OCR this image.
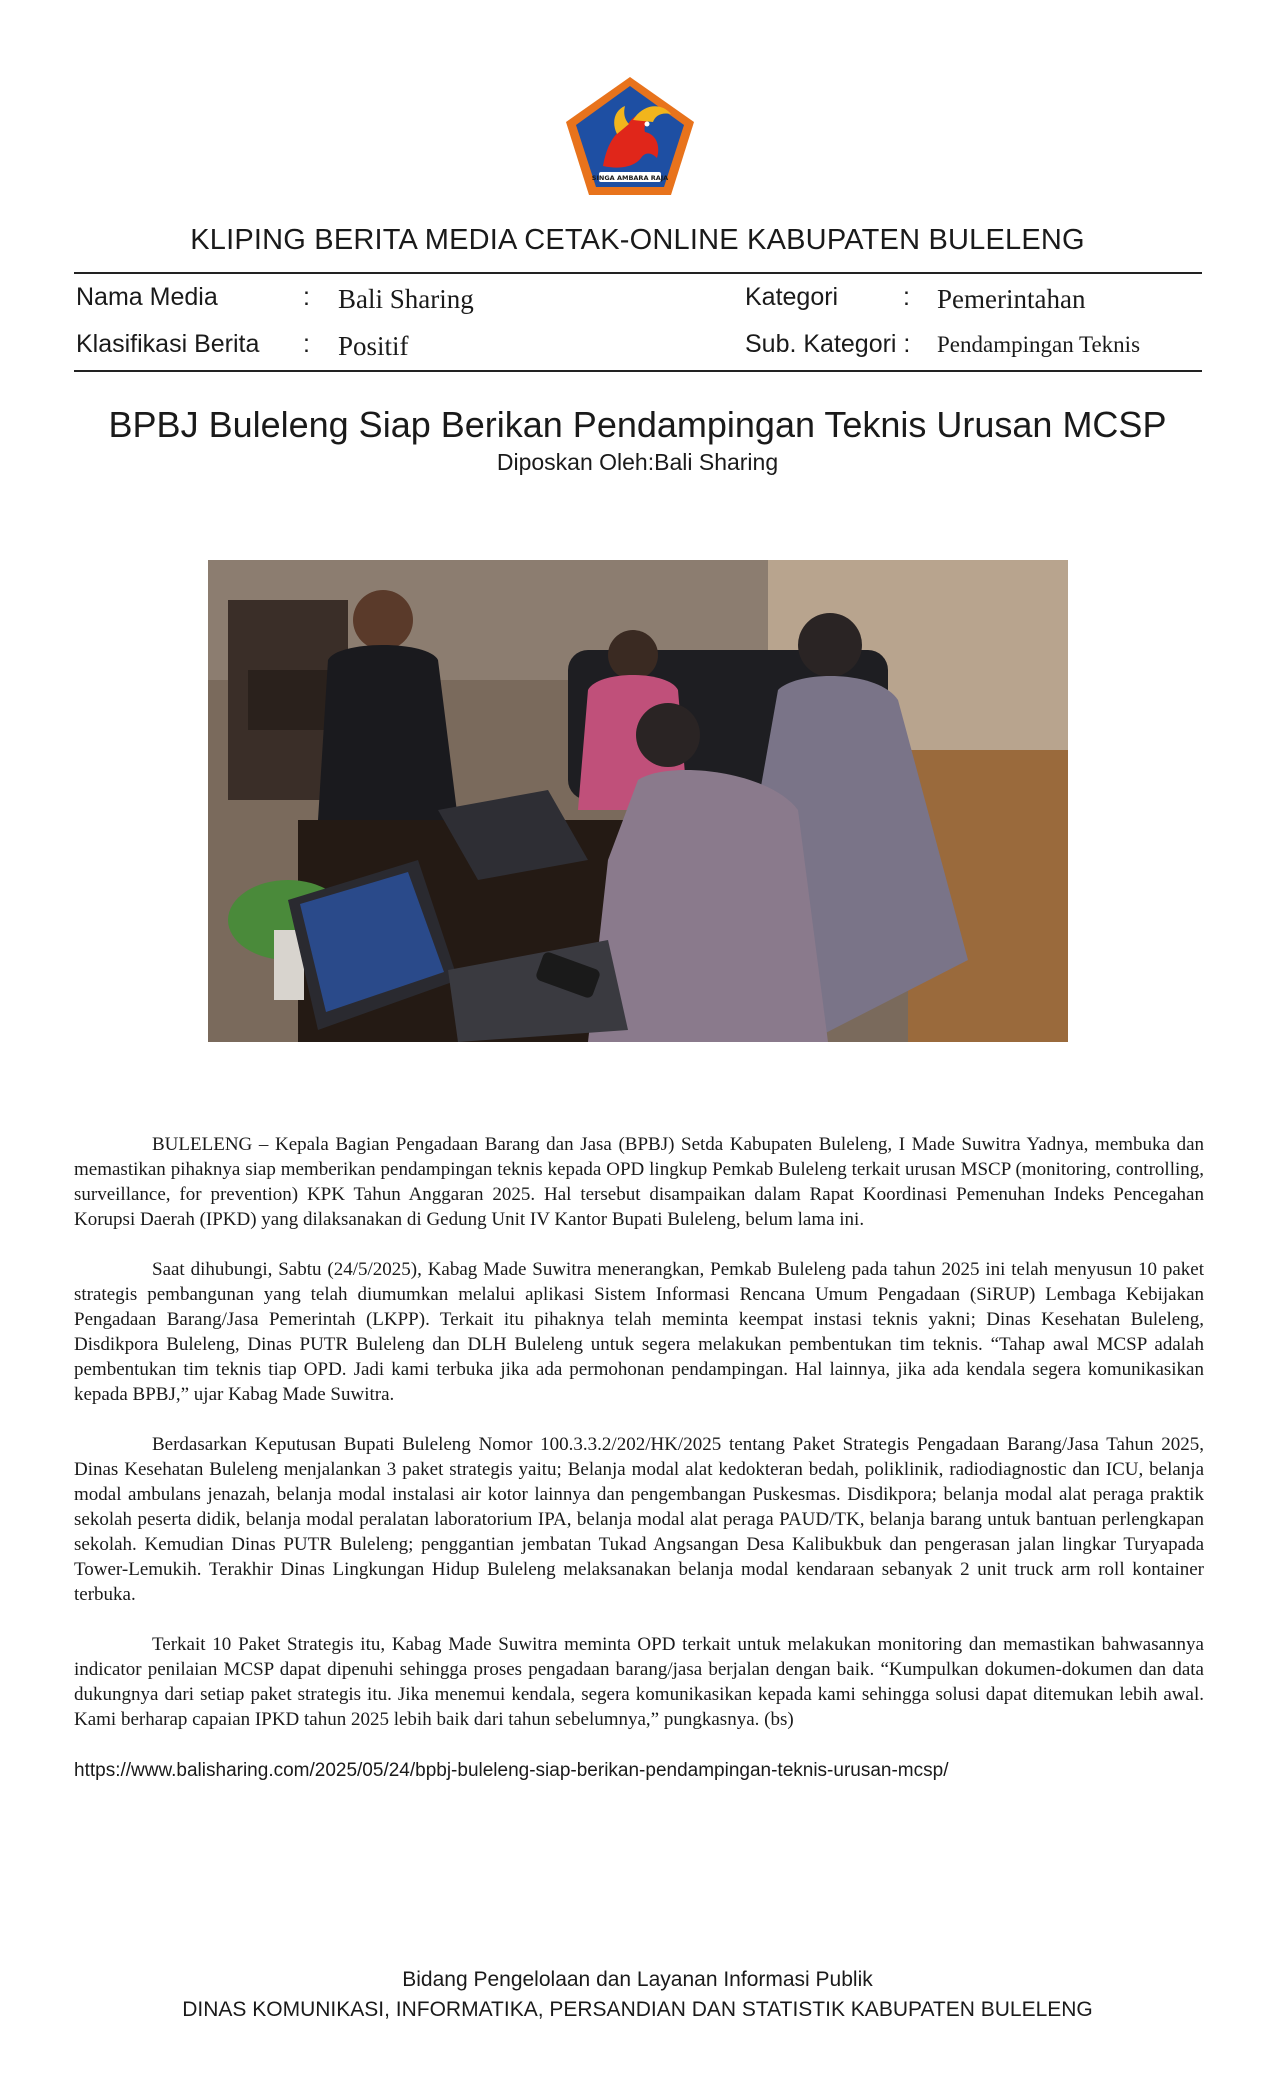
SINGA AMBARA RAJA
KLIPING BERITA MEDIA CETAK-ONLINE KABUPATEN BULELENG
Nama Media	: Bali Sharing	Kategori	: Pemerintahan
Klasifikasi Berita : Positif	Sub. Kategori : Pendampingan Teknis
BPBJ Buleleng Siap Berikan Pendampingan Teknis Urusan MCSP
Diposkan Oleh:Bali Sharing

BULELENG – Kepala Bagian Pengadaan Barang dan Jasa (BPBJ) Setda Kabupaten Buleleng, I Made Suwitra Yadnya, membuka dan memastikan pihaknya siap memberikan pendampingan teknis kepada OPD lingkup Pemkab Buleleng terkait urusan MSCP (monitoring, controlling, surveillance, for prevention) KPK Tahun Anggaran 2025. Hal tersebut disampaikan dalam Rapat Koordinasi Pemenuhan Indeks Pencegahan Korupsi Daerah (IPKD) yang dilaksanakan di Gedung Unit IV Kantor Bupati Buleleng, belum lama ini.

Saat dihubungi, Sabtu (24/5/2025), Kabag Made Suwitra menerangkan, Pemkab Buleleng pada tahun 2025 ini telah menyusun 10 paket strategis pembangunan yang telah diumumkan melalui aplikasi Sistem Informasi Rencana Umum Pengadaan (SiRUP) Lembaga Kebijakan Pengadaan Barang/Jasa Pemerintah (LKPP). Terkait itu pihaknya telah meminta keempat instasi teknis yakni; Dinas Kesehatan Buleleng, Disdikpora Buleleng, Dinas PUTR Buleleng dan DLH Buleleng untuk segera melakukan pembentukan tim teknis. “Tahap awal MCSP adalah pembentukan tim teknis tiap OPD. Jadi kami terbuka jika ada permohonan pendampingan. Hal lainnya, jika ada kendala segera komunikasikan kepada BPBJ,” ujar Kabag Made Suwitra.

Berdasarkan Keputusan Bupati Buleleng Nomor 100.3.3.2/202/HK/2025 tentang Paket Strategis Pengadaan Barang/Jasa Tahun 2025, Dinas Kesehatan Buleleng menjalankan 3 paket strategis yaitu; Belanja modal alat kedokteran bedah, poliklinik, radiodiagnostic dan ICU, belanja modal ambulans jenazah, belanja modal instalasi air kotor lainnya dan pengembangan Puskesmas. Disdikpora; belanja modal alat peraga praktik sekolah peserta didik, belanja modal peralatan laboratorium IPA, belanja modal alat peraga PAUD/TK, belanja barang untuk bantuan perlengkapan sekolah. Kemudian Dinas PUTR Buleleng; penggantian jembatan Tukad Angsangan Desa Kalibukbuk dan pengerasan jalan lingkar Turyapada Tower-Lemukih. Terakhir Dinas Lingkungan Hidup Buleleng melaksanakan belanja modal kendaraan sebanyak 2 unit truck arm roll kontainer terbuka.

Terkait 10 Paket Strategis itu, Kabag Made Suwitra meminta OPD terkait untuk melakukan monitoring dan memastikan bahwasannya indicator penilaian MCSP dapat dipenuhi sehingga proses pengadaan barang/jasa berjalan dengan baik. “Kumpulkan dokumen-dokumen dan data dukungnya dari setiap paket strategis itu. Jika menemui kendala, segera komunikasikan kepada kami sehingga solusi dapat ditemukan lebih awal. Kami berharap capaian IPKD tahun 2025 lebih baik dari tahun sebelumnya,” pungkasnya. (bs)

https://www.balisharing.com/2025/05/24/bpbj-buleleng-siap-berikan-pendampingan-teknis-urusan-mcsp/
Bidang Pengelolaan dan Layanan Informasi Publik
DINAS KOMUNIKASI, INFORMATIKA, PERSANDIAN DAN STATISTIK KABUPATEN BULELENG
